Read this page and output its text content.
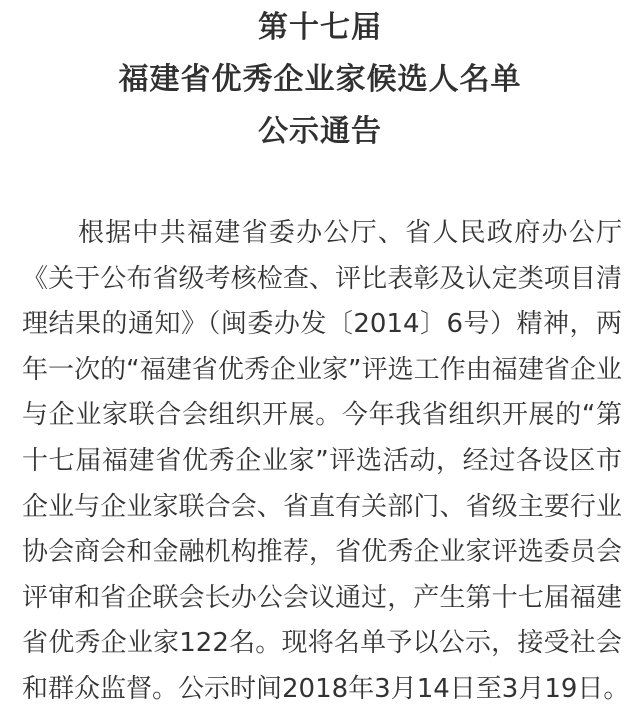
第十七届
福建省优秀企业家候选人名单
公示通告
根据中共福建省委办公厅、省人民政府办公厅
《关于公布省级考核检查、评比表彰及认定类项目清
理结果的通知》（闽委办发〔2014〕6号）精神，两
年一次的“福建省优秀企业家”评选工作由福建省企业
与企业家联合会组织开展。今年我省组织开展的“第
十七届福建省优秀企业家”评选活动，经过各设区市
企业与企业家联合会、省直有关部门、省级主要行业
协会商会和金融机构推荐，省优秀企业家评选委员会
评审和省企联会长办公会议通过，产生第十七届福建
省优秀企业家122名。现将名单予以公示，接受社会
和群众监督。公示时间2018年3月14日至3月19日。
